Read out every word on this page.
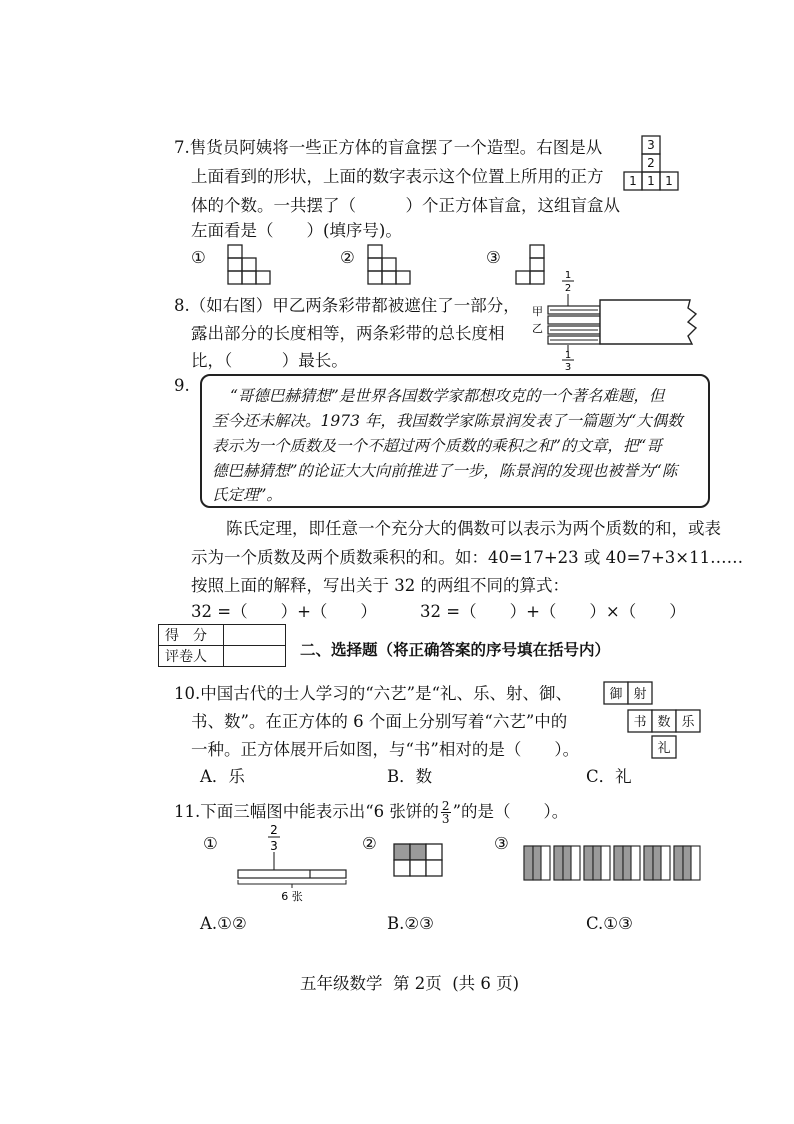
7.售货员阿姨将一些正方体的盲盒摆了一个造型。右图是从
上面看到的形状，上面的数字表示这个位置上所用的正方
体的个数。一共摆了（　　　）个正方体盲盒，这组盲盒从
左面看是（　　）(填序号)。
3
2
1 1 1
①	②	③
8.（如右图）甲乙两条彩带都被遮住了一部分，
露出部分的长度相等，两条彩带的总长度相
比，（　　　）最长。
1
2
甲
乙
1
3
9.
“哥德巴赫猜想”是世界各国数学家都想攻克的一个著名难题，但
至今还未解决。1973 年，我国数学家陈景润发表了一篇题为“大偶数
表示为一个质数及一个不超过两个质数的乘积之和”的文章，把“哥
德巴赫猜想”的论证大大向前推进了一步，陈景润的发现也被誉为“陈
氏定理”。
陈氏定理，即任意一个充分大的偶数可以表示为两个质数的和，或表
示为一个质数及两个质数乘积的和。如：40=17+23 或 40=7+3×11……
按照上面的解释，写出关于 32 的两组不同的算式：
32 =（　　）+（　　）	32 =（　　）+（　　）×（　　）
得　分	
评卷人		二、选择题（将正确答案的序号填在括号内）
10.中国古代的士人学习的“六艺”是“礼、乐、射、御、
书、数”。在正方体的 6 个面上分别写着“六艺”中的
一种。正方体展开后如图，与“书”相对的是（　　）。
御 射
书 数 乐
礼
A．乐	B．数	C．礼
11.下面三幅图中能表示出“6 张饼的 $\frac{2}{3}$ ”的是（　　）。
①
2
3
6 张
②	③
A.①②	B.②③	C.①③
五年级数学  第 2页  (共 6 页)
